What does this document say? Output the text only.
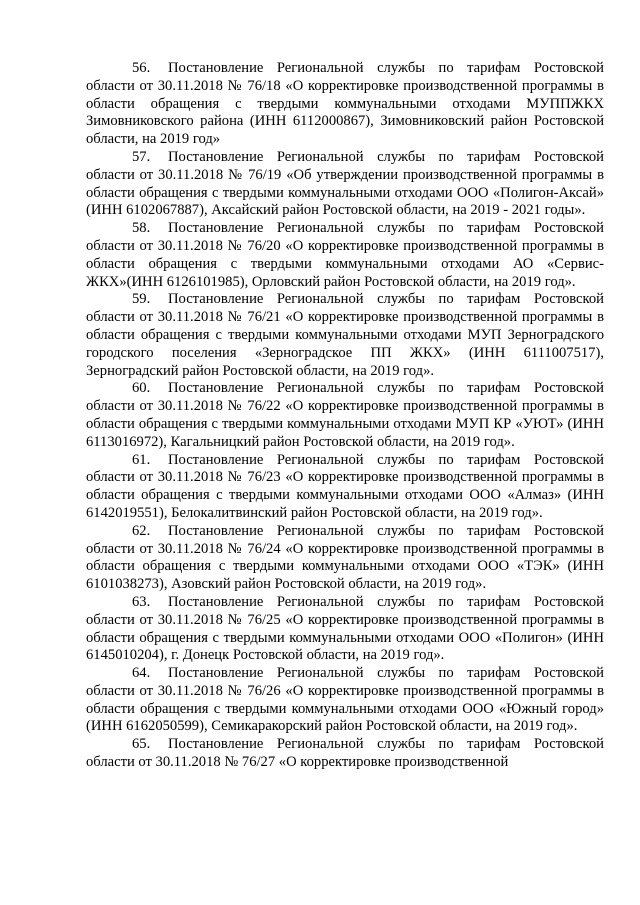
56. Постановление Региональной службы по тарифам Ростовской области от 30.11.2018 № 76/18 «О корректировке производственной программы в области обращения с твердыми коммунальными отходами МУППЖКХ Зимовниковского района (ИНН 6112000867), Зимовниковский район Ростовской области, на 2019 год»

57. Постановление Региональной службы по тарифам Ростовской области от 30.11.2018 № 76/19 «Об утверждении производственной программы в области обращения с твердыми коммунальными отходами ООО «Полигон-Аксай» (ИНН 6102067887), Аксайский район Ростовской области, на 2019 - 2021 годы».

58. Постановление Региональной службы по тарифам Ростовской области от 30.11.2018 № 76/20 «О корректировке производственной программы в области обращения с твердыми коммунальными отходами АО «Сервис-ЖКХ»(ИНН 6126101985), Орловский район Ростовской области, на 2019 год».

59. Постановление Региональной службы по тарифам Ростовской области от 30.11.2018 № 76/21 «О корректировке производственной программы в области обращения с твердыми коммунальными отходами МУП Зерноградского городского поселения «Зерноградское ПП ЖКХ» (ИНН 6111007517), Зерноградский район Ростовской области, на 2019 год».

60. Постановление Региональной службы по тарифам Ростовской области от 30.11.2018 № 76/22 «О корректировке производственной программы в области обращения с твердыми коммунальными отходами МУП КР «УЮТ» (ИНН 6113016972), Кагальницкий район Ростовской области, на 2019 год».

61. Постановление Региональной службы по тарифам Ростовской области от 30.11.2018 № 76/23 «О корректировке производственной программы в области обращения с твердыми коммунальными отходами ООО «Алмаз» (ИНН 6142019551), Белокалитвинский район Ростовской области, на 2019 год».

62. Постановление Региональной службы по тарифам Ростовской области от 30.11.2018 № 76/24 «О корректировке производственной программы в области обращения с твердыми коммунальными отходами ООО «ТЭК» (ИНН 6101038273), Азовский район Ростовской области, на 2019 год».

63. Постановление Региональной службы по тарифам Ростовской области от 30.11.2018 № 76/25 «О корректировке производственной программы в области обращения с твердыми коммунальными отходами ООО «Полигон» (ИНН 6145010204), г. Донецк Ростовской области, на 2019 год».

64. Постановление Региональной службы по тарифам Ростовской области от 30.11.2018 № 76/26 «О корректировке производственной программы в области обращения с твердыми коммунальными отходами ООО «Южный город» (ИНН 6162050599), Семикаракорский район Ростовской области, на 2019 год».

65. Постановление Региональной службы по тарифам Ростовской области от 30.11.2018 № 76/27 «О корректировке производственной
